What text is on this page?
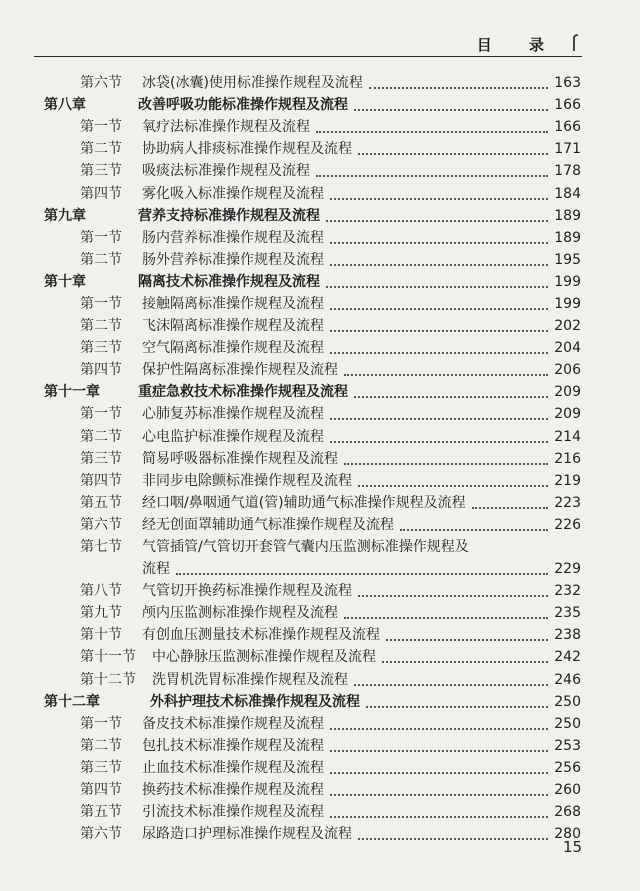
目 录
第六节	冰袋(冰囊)使用标准操作规程及流程	163
第八章	改善呼吸功能标准操作规程及流程	166
第一节	氧疗法标准操作规程及流程	166
第二节	协助病人排痰标准操作规程及流程	171
第三节	吸痰法标准操作规程及流程	178
第四节	雾化吸入标准操作规程及流程	184
第九章	营养支持标准操作规程及流程	189
第一节	肠内营养标准操作规程及流程	189
第二节	肠外营养标准操作规程及流程	195
第十章	隔离技术标准操作规程及流程	199
第一节	接触隔离标准操作规程及流程	199
第二节	飞沫隔离标准操作规程及流程	202
第三节	空气隔离标准操作规程及流程	204
第四节	保护性隔离标准操作规程及流程	206
第十一章	重症急救技术标准操作规程及流程	209
第一节	心肺复苏标准操作规程及流程	209
第二节	心电监护标准操作规程及流程	214
第三节	简易呼吸器标准操作规程及流程	216
第四节	非同步电除颤标准操作规程及流程	219
第五节	经口咽/鼻咽通气道(管)辅助通气标准操作规程及流程	223
第六节	经无创面罩辅助通气标准操作规程及流程	226
第七节	气管插管/气管切开套管气囊内压监测标准操作规程及
流程	229
第八节	气管切开换药标准操作规程及流程	232
第九节	颅内压监测标准操作规程及流程	235
第十节	有创血压测量技术标准操作规程及流程	238
第十一节	中心静脉压监测标准操作规程及流程	242
第十二节	洗胃机洗胃标准操作规程及流程	246
第十二章	外科护理技术标准操作规程及流程	250
第一节	备皮技术标准操作规程及流程	250
第二节	包扎技术标准操作规程及流程	253
第三节	止血技术标准操作规程及流程	256
第四节	换药技术标准操作规程及流程	260
第五节	引流技术标准操作规程及流程	268
第六节	尿路造口护理标准操作规程及流程	280
15
